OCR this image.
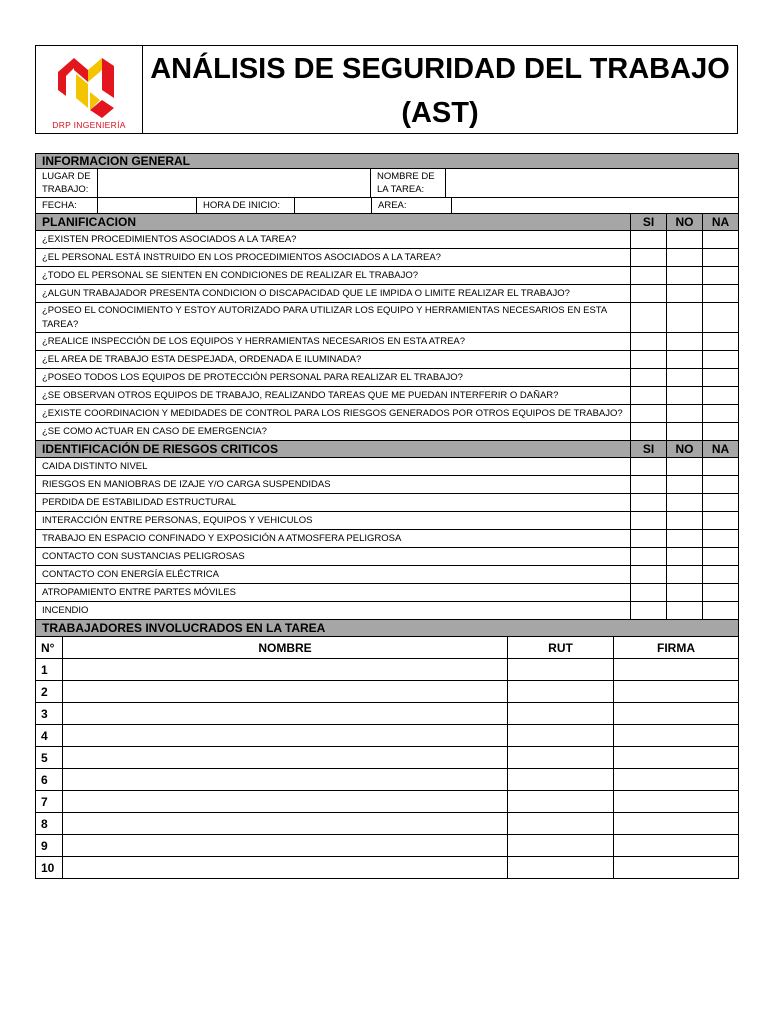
DRP INGENIERÍA
ANÁLISIS DE SEGURIDAD DEL TRABAJO
(AST)
INFORMACION GENERAL
LUGAR DE TRABAJO:		NOMBRE DE LA TAREA:	
FECHA:		HORA DE INICIO:		AREA:	
PLANIFICACION	SI	NO	NA
¿EXISTEN PROCEDIMIENTOS ASOCIADOS A LA TAREA?			
¿EL PERSONAL ESTÁ INSTRUIDO EN LOS PROCEDIMIENTOS ASOCIADOS A LA TAREA?			
¿TODO EL PERSONAL SE SIENTEN EN CONDICIONES DE REALIZAR EL TRABAJO?			
¿ALGUN TRABAJADOR PRESENTA CONDICION O DISCAPACIDAD QUE LE IMPIDA O LIMITE REALIZAR EL TRABAJO?			
¿POSEO EL CONOCIMIENTO Y ESTOY AUTORIZADO PARA UTILIZAR LOS EQUIPO Y HERRAMIENTAS NECESARIOS EN ESTA TAREA?			
¿REALICE INSPECCIÓN DE LOS EQUIPOS Y HERRAMIENTAS NECESARIOS EN ESTA ATREA?			
¿EL AREA DE TRABAJO ESTA DESPEJADA, ORDENADA E ILUMINADA?			
¿POSEO TODOS LOS EQUIPOS DE PROTECCIÓN PERSONAL PARA REALIZAR EL TRABAJO?			
¿SE OBSERVAN OTROS EQUIPOS DE TRABAJO, REALIZANDO TAREAS QUE ME PUEDAN INTERFERIR O DAÑAR?			
¿EXISTE COORDINACION Y MEDIDADES DE CONTROL PARA LOS RIESGOS GENERADOS POR OTROS EQUIPOS DE TRABAJO?			
¿SE COMO ACTUAR EN CASO DE EMERGENCIA?			
IDENTIFICACIÓN DE RIESGOS CRITICOS	SI	NO	NA
CAIDA DISTINTO NIVEL			
RIESGOS EN MANIOBRAS DE IZAJE Y/O CARGA SUSPENDIDAS			
PERDIDA DE ESTABILIDAD ESTRUCTURAL			
INTERACCIÓN ENTRE PERSONAS, EQUIPOS Y VEHICULOS			
TRABAJO EN ESPACIO CONFINADO Y EXPOSICIÓN A ATMOSFERA PELIGROSA			
CONTACTO CON SUSTANCIAS PELIGROSAS			
CONTACTO CON ENERGÍA ELÉCTRICA			
ATROPAMIENTO ENTRE PARTES MÓVILES			
INCENDIO			
TRABAJADORES INVOLUCRADOS EN LA TAREA			
N°	NOMBRE	RUT	FIRMA
1			
2			
3			
4			
5			
6			
7			
8			
9			
10			
